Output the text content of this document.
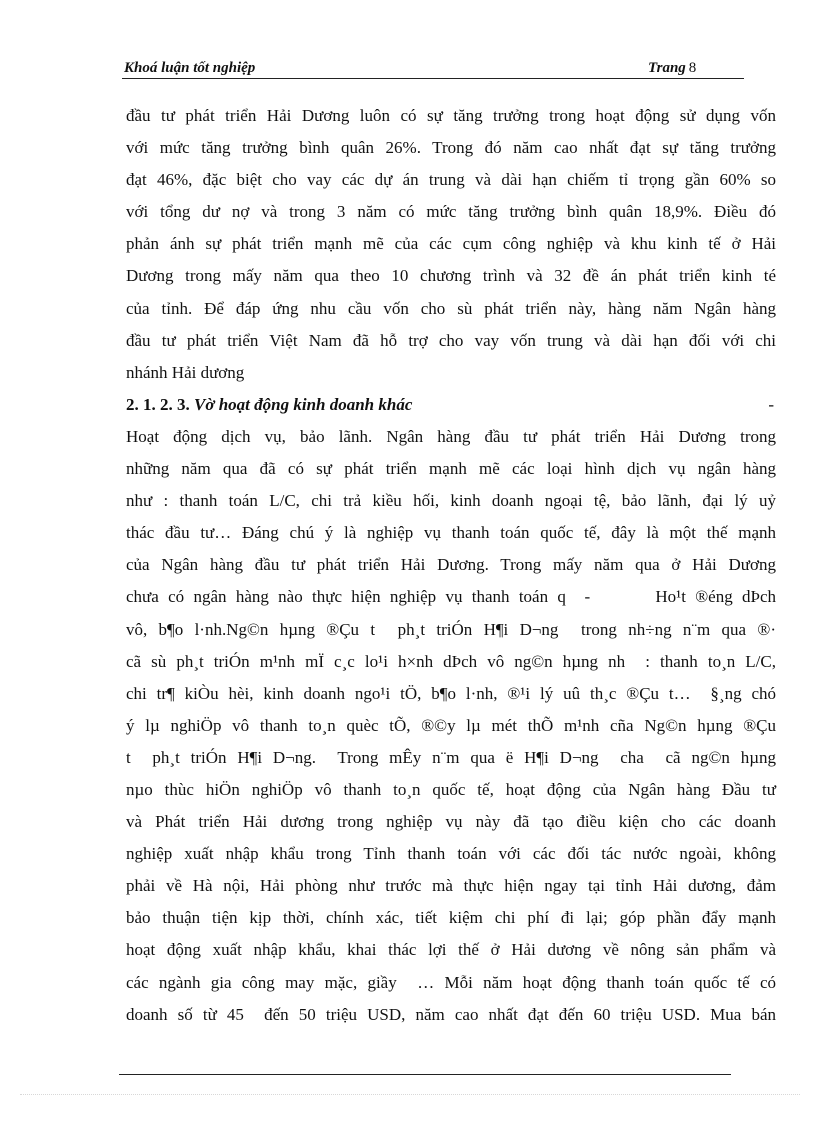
Khoá luận tốt nghiệp	Trang 8
đầu tư phát triển Hải Dương luôn có sự tăng trưởng trong hoạt động sử dụng vốn
với mức tăng trưởng bình quân 26%. Trong đó năm cao nhất đạt sự tăng trưởng
đạt 46%, đặc biệt cho vay các dự án trung và dài hạn chiếm tỉ trọng gần 60% so
với tổng dư nợ và trong 3 năm có mức tăng trưởng bình quân 18,9%. Điều đó
phản ánh sự phát triển mạnh mẽ của các cụm công nghiệp và khu kinh tế ở Hải
Dương trong mấy năm qua theo 10 chương trình và 32 đề án phát triển kinh té
của tỉnh. Để đáp ứng nhu cầu vốn cho sù phát triển này, hàng năm Ngân hàng
đầu tư phát triển Việt Nam đã hỗ trợ cho vay vốn trung và dài hạn đối với chi
nhánh Hải dương
2. 1. 2. 3. Vờ hoạt động kinh doanh khác	-
Hoạt động dịch vụ, bảo lãnh. Ngân hàng đầu tư phát triển Hải Dương trong
những năm qua đã có sự phát triển mạnh mẽ các loại hình dịch vụ ngân hàng
như : thanh toán L/C, chi trả kiều hối, kinh doanh ngoại tệ, bảo lãnh, đại lý uỷ
thác đầu tư… Đáng chú ý là nghiệp vụ thanh toán quốc tế, đây là một thế mạnh
của Ngân hàng đầu tư phát triển Hải Dương. Trong mấy năm qua ở Hải Dương
chưa có ngân hàng nào thực hiện nghiệp vụ thanh toán q  -       Ho¹t ®éng dÞch
vô, b¶o l·nh.Ng©n hµng ®Çu t  ph¸t triÓn H¶i D¬ng  trong nh÷ng n¨m qua ®·
cã sù ph¸t triÓn m¹nh mÏ c¸c lo¹i h×nh dÞch vô ng©n hµng nh  : thanh to¸n L/C,
chi tr¶ kiÒu hèi, kinh doanh ngo¹i tÖ, b¶o l·nh, ®¹i lý uû th¸c ®Çu t…  §¸ng chó
ý lµ nghiÖp vô thanh to¸n quèc tÕ, ®©y lµ mét thÕ m¹nh cña Ng©n hµng ®Çu
t  ph¸t triÓn H¶i D¬ng.  Trong mÊy n¨m qua ë H¶i D¬ng  cha  cã ng©n hµng
nµo thùc hiÖn nghiÖp vô thanh to¸n quốc tế, hoạt động của Ngân hàng Đầu tư
và Phát triển Hải dương trong nghiệp vụ này đã tạo điều kiện cho các doanh
nghiệp xuất nhập khẩu trong Tỉnh thanh toán với các đối tác nước ngoài, không
phải về Hà nội, Hải phòng như trước mà thực hiện ngay tại tỉnh Hải dương, đảm
bảo thuận tiện kịp thời, chính xác, tiết kiệm chi phí đi lại; góp phần đẩy mạnh
hoạt động xuất nhập khẩu, khai thác lợi thế ở Hải dương về nông sản phẩm và
các ngành gia công may mặc, giầy  … Mỗi năm hoạt động thanh toán quốc tế có
doanh số từ 45  đến 50 triệu USD, năm cao nhất đạt đến 60 triệu USD. Mua bán
